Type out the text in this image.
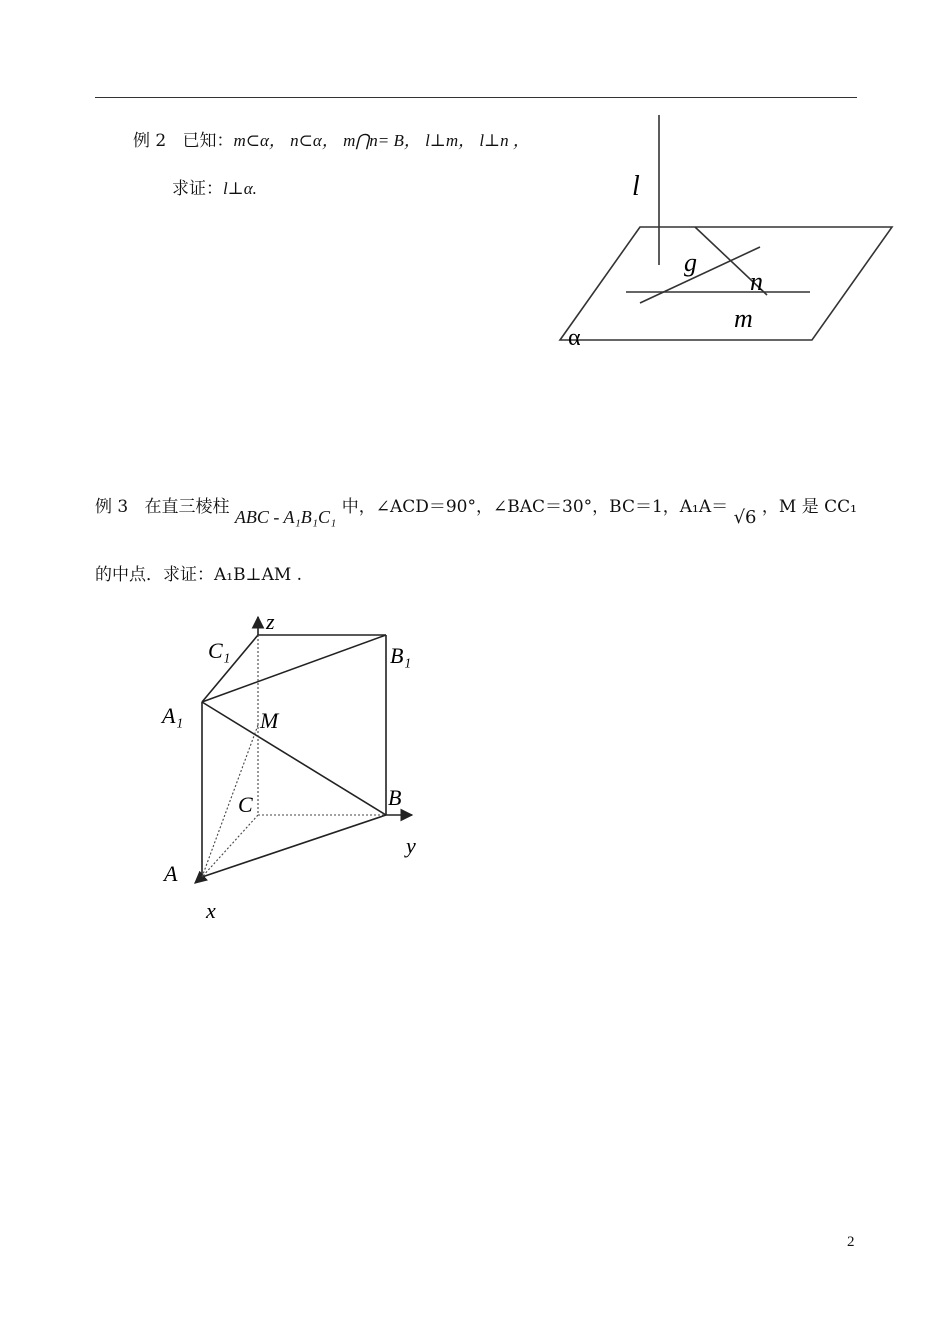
例 2 已知：m⊂α， n⊂α， m⋂n= B， l⊥m， l⊥n ，
求证：l⊥α.	l
g
n
m
α
例 3 在直三棱柱 ABC - A₁B₁C₁ 中，∠ACD＝90°，∠BAC＝30°，BC＝1，A₁A＝ √6 ，M 是 CC₁
的中点．求证：A₁B⊥AM .
z
C₁	B₁
A₁	M
C	B
y
A
x
2
